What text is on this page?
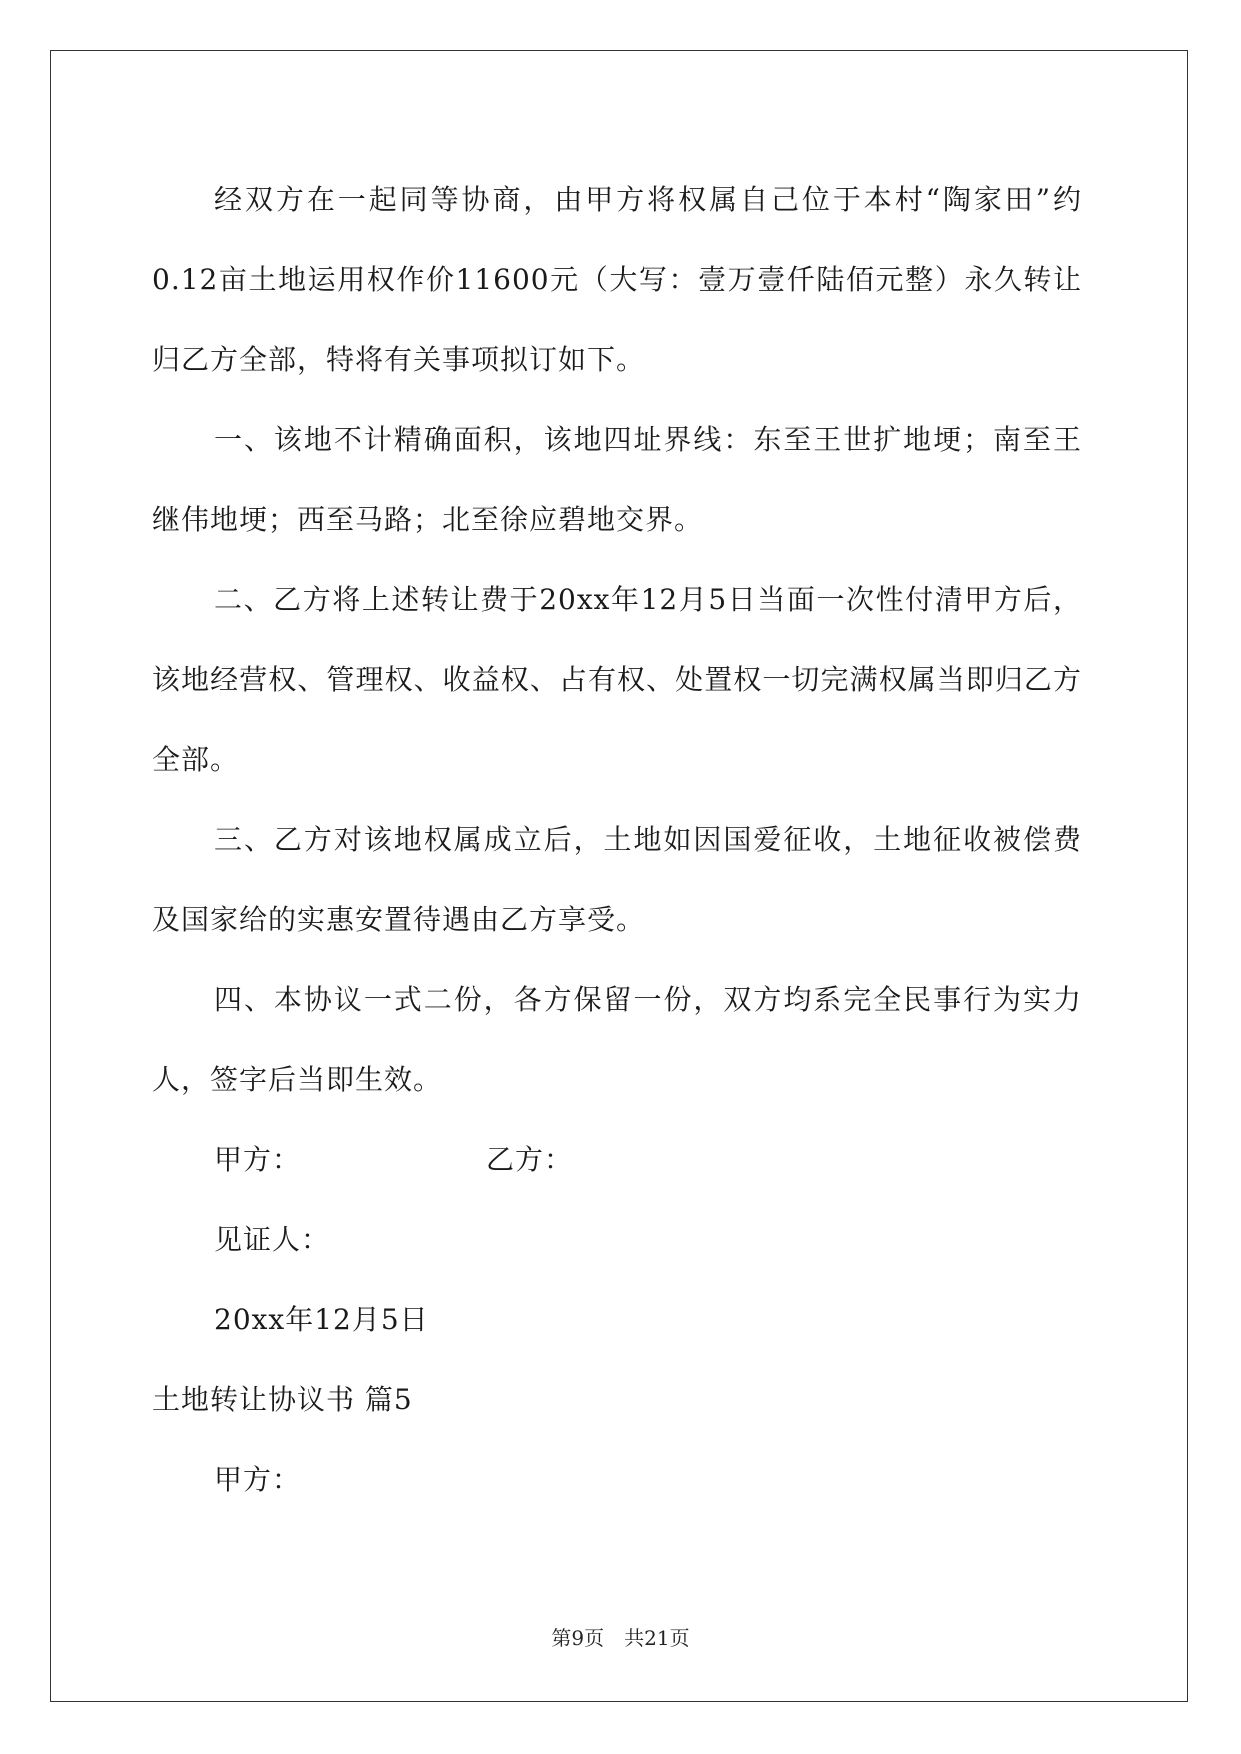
经双方在一起同等协商，由甲方将权属自己位于本村“陶家田”约0.12亩土地运用权作价11600元（大写：壹万壹仟陆佰元整）永久转让归乙方全部，特将有关事项拟订如下。

一、该地不计精确面积，该地四址界线：东至王世扩地埂；南至王继伟地埂；西至马路；北至徐应碧地交界。

二、乙方将上述转让费于20xx年12月5日当面一次性付清甲方后，该地经营权、管理权、收益权、占有权、处置权一切完满权属当即归乙方全部。

三、乙方对该地权属成立后，土地如因国爱征收，土地征收被偿费及国家给的实惠安置待遇由乙方享受。

四、本协议一式二份，各方保留一份，双方均系完全民事行为实力人，签字后当即生效。

甲方：	乙方：
见证人：
20xx年12月5日
土地转让协议书 篇5
甲方：
第9页 共21页
